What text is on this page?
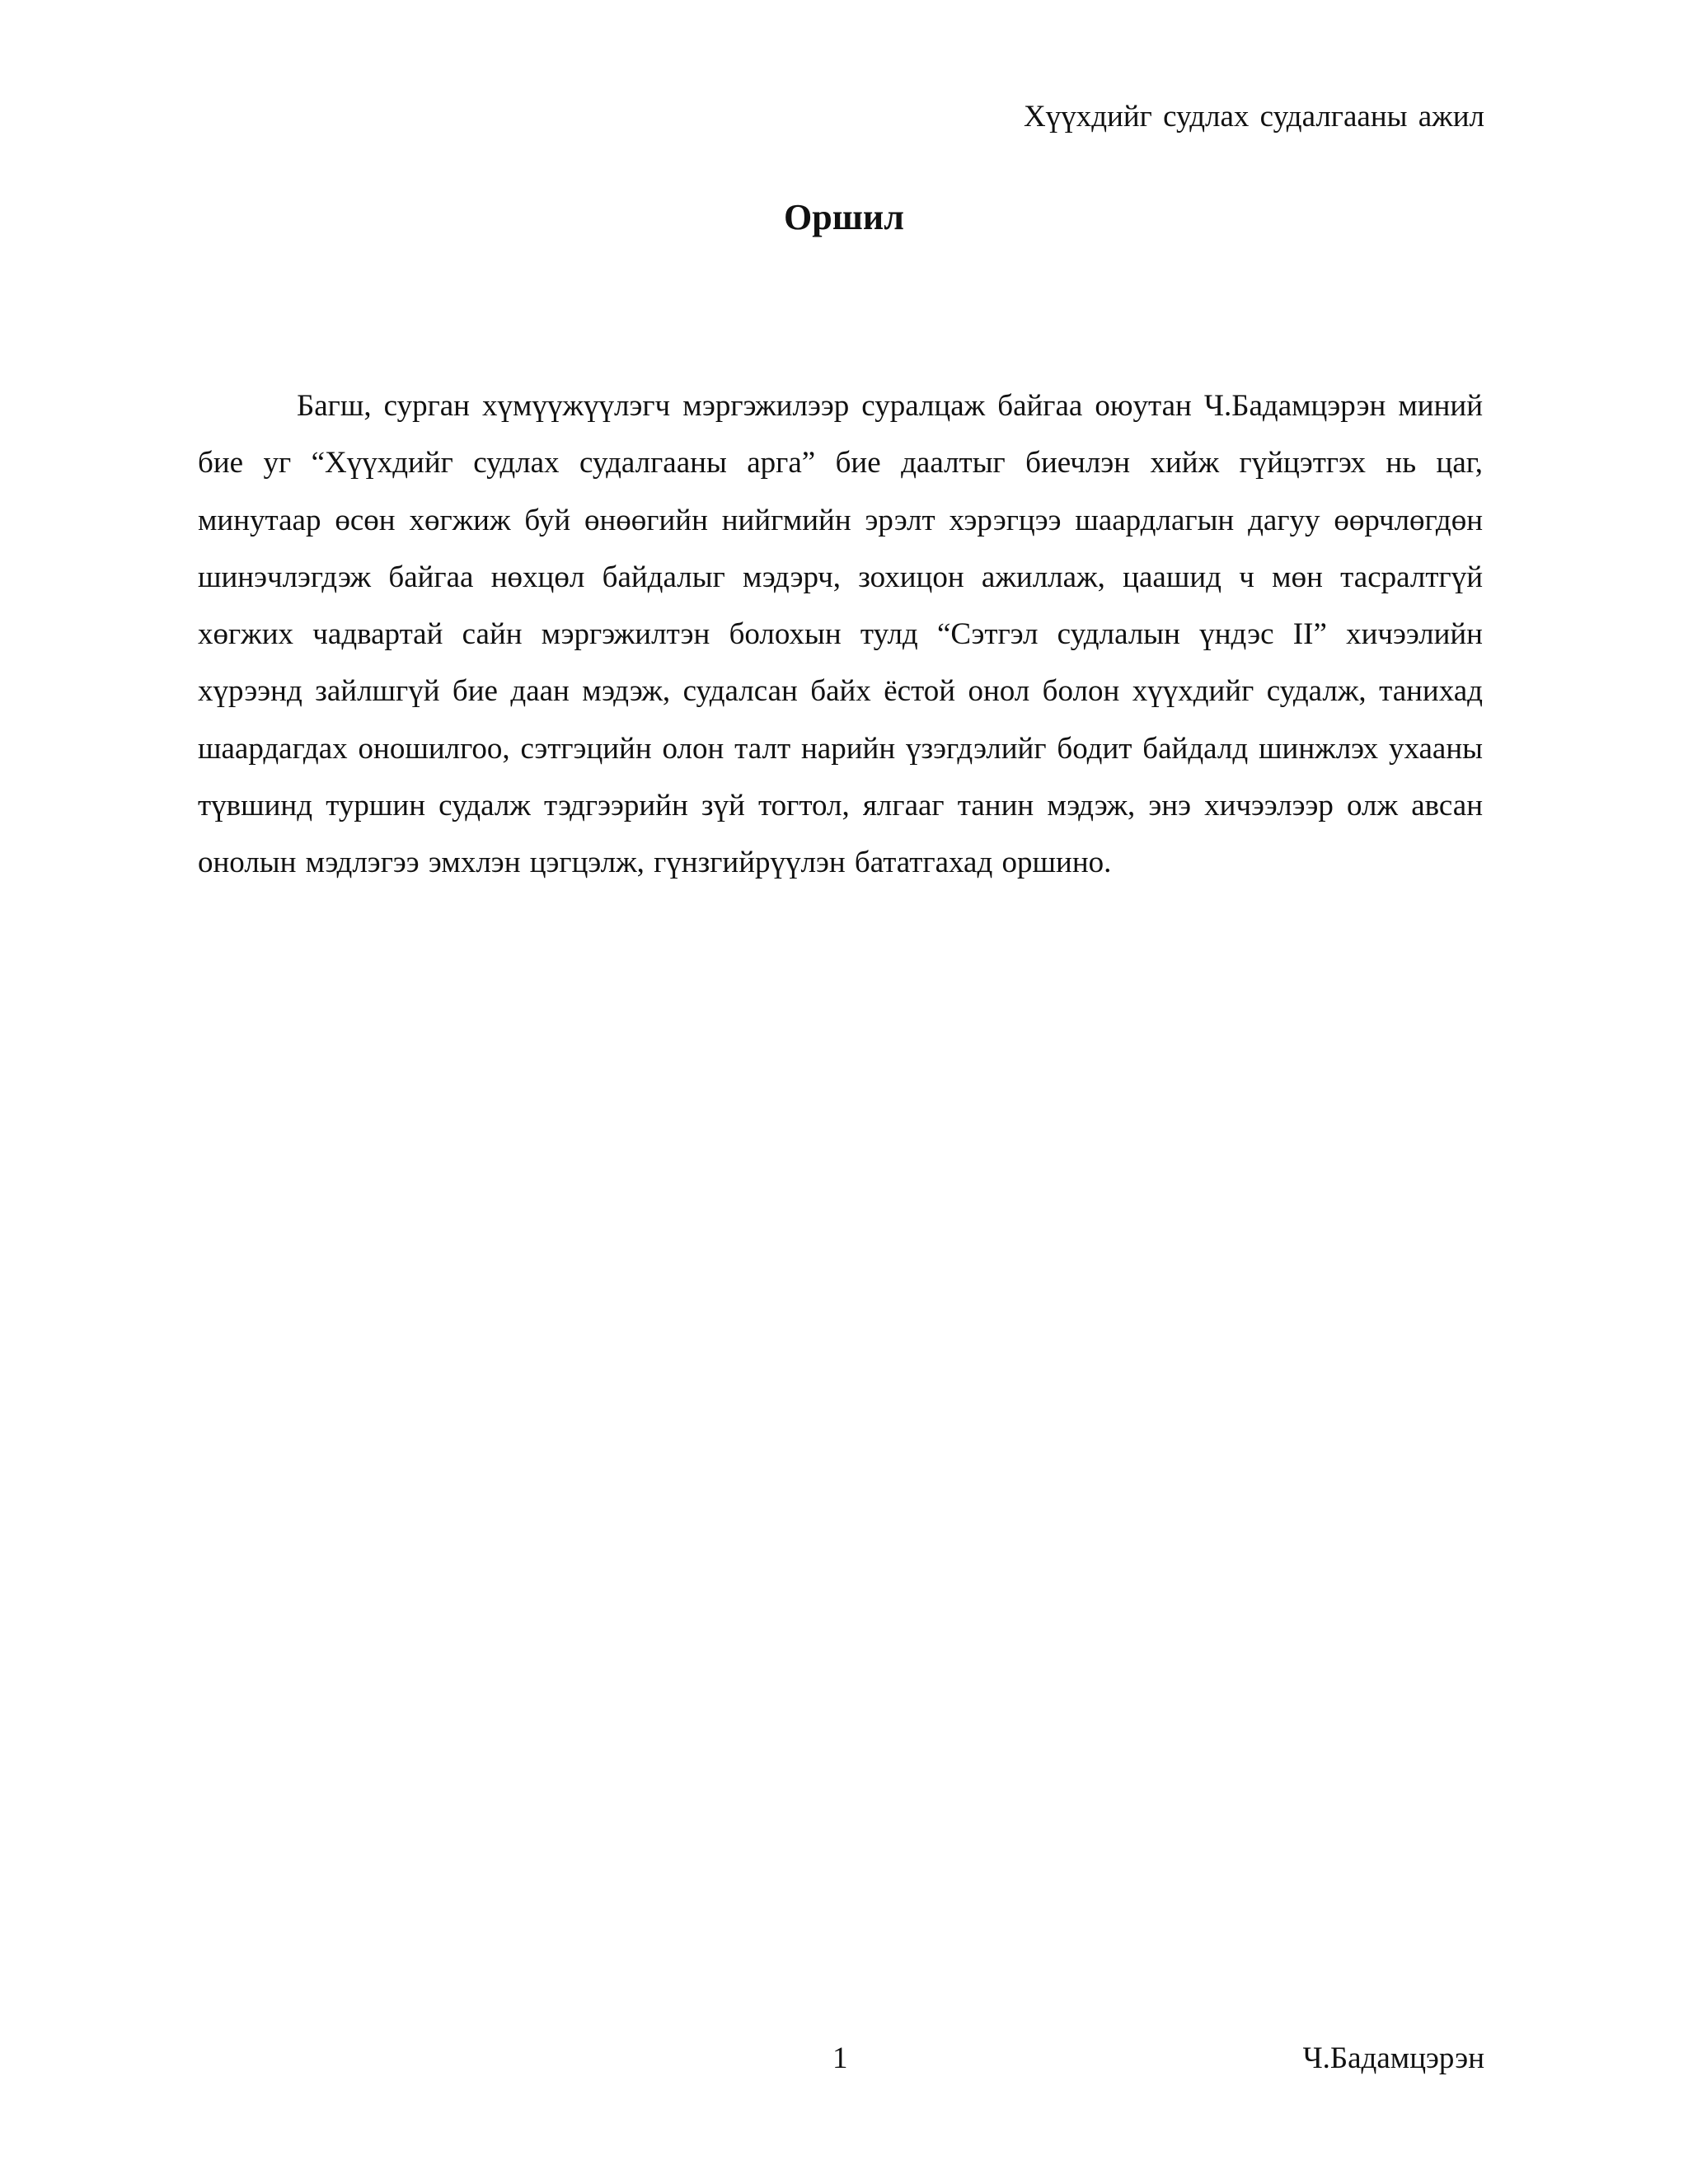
Хүүхдийг судлах судалгааны ажил
Оршил

Багш, сурган хүмүүжүүлэгч мэргэжилээр суралцаж байгаа оюутан Ч.Бадамцэрэн миний бие уг “Хүүхдийг судлах судалгааны арга” бие даалтыг биечлэн хийж гүйцэтгэх нь цаг, минутаар өсөн хөгжиж буй өнөөгийн нийгмийн эрэлт хэрэгцээ шаардлагын дагуу өөрчлөгдөн шинэчлэгдэж байгаа нөхцөл байдалыг мэдэрч, зохицон ажиллаж, цаашид ч мөн тасралтгүй хөгжих чадвартай сайн мэргэжилтэн болохын тулд “Сэтгэл судлалын үндэс II” хичээлийн хүрээнд зайлшгүй бие даан мэдэж, судалсан байх ёстой онол болон хүүхдийг судалж, танихад шаардагдах оношилгоо, сэтгэцийн олон талт нарийн үзэгдэлийг бодит байдалд шинжлэх ухааны түвшинд туршин судалж тэдгээрийн зүй тогтол, ялгааг танин мэдэж, энэ хичээлээр олж авсан онолын мэдлэгээ эмхлэн цэгцэлж, гүнзгийрүүлэн бататгахад оршино.

1	Ч.Бадамцэрэн
